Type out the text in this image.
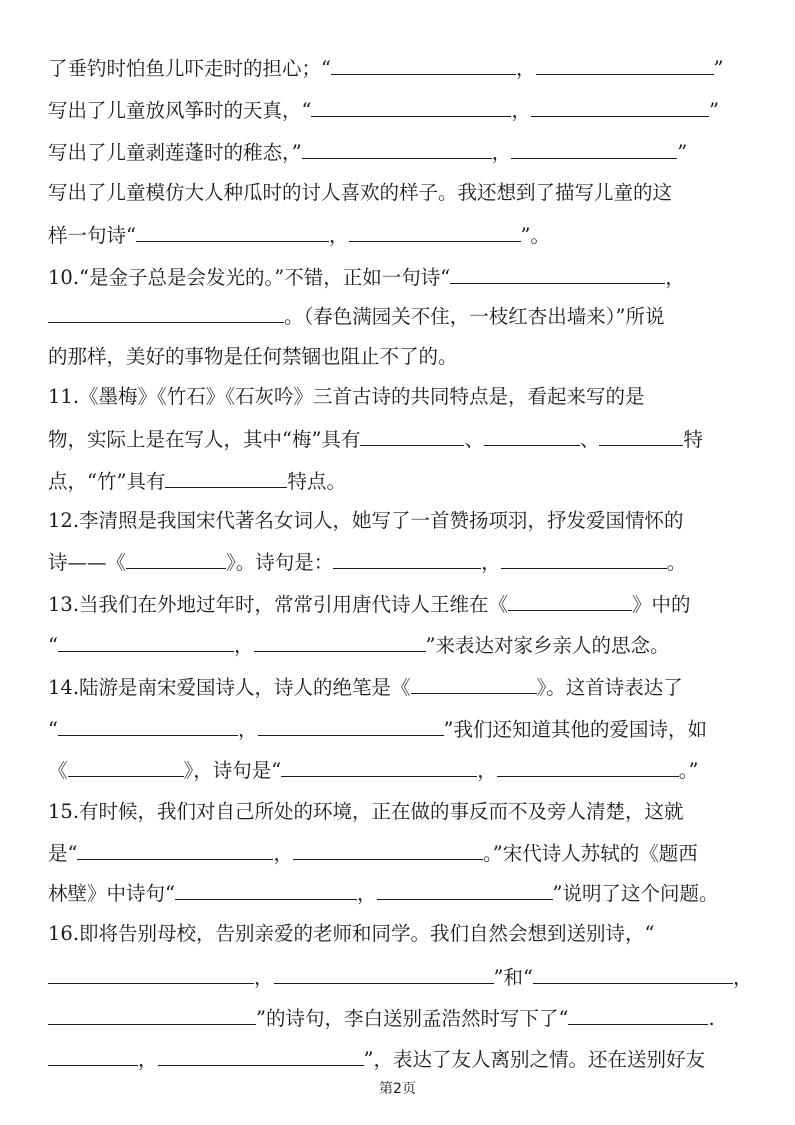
了垂钓时怕鱼儿吓走时的担心；“	，	”
写出了儿童放风筝时的天真，“	，	”
写出了儿童剥莲蓬时的稚态，”	，	”
写出了儿童模仿大人种瓜时的讨人喜欢的样子。我还想到了描写儿童的这
样一句诗“	，	”。
10.“是金子总是会发光的。”不错，正如一句诗“	，
。（春色满园关不住，一枝红杏出墙来）”所说
的那样，美好的事物是任何禁锢也阻止不了的。
11.《墨梅》《竹石》《石灰吟》三首古诗的共同特点是，看起来写的是
物，实际上是在写人，其中“梅”具有	、	、	特
点，“竹”具有	特点。
12.李清照是我国宋代著名女词人，她写了一首赞扬项羽，抒发爱国情怀的
诗——《	》。诗句是：	，	。
13.当我们在外地过年时，常常引用唐代诗人王维在《	》中的
“	，	”来表达对家乡亲人的思念。
14.陆游是南宋爱国诗人，诗人的绝笔是《	》。这首诗表达了
“	，	”我们还知道其他的爱国诗，如
《	》，诗句是“	，	。”
15.有时候，我们对自己所处的环境，正在做的事反而不及旁人清楚，这就
是“	，	。”宋代诗人苏轼的《题西
林壁》中诗句“	，	”说明了这个问题。
16.即将告别母校，告别亲爱的老师和同学。我们自然会想到送别诗，“
，	”和“	，
”的诗句，李白送别孟浩然时写下了“	.
，	”，表达了友人离别之情。还在送别好友
第2页
